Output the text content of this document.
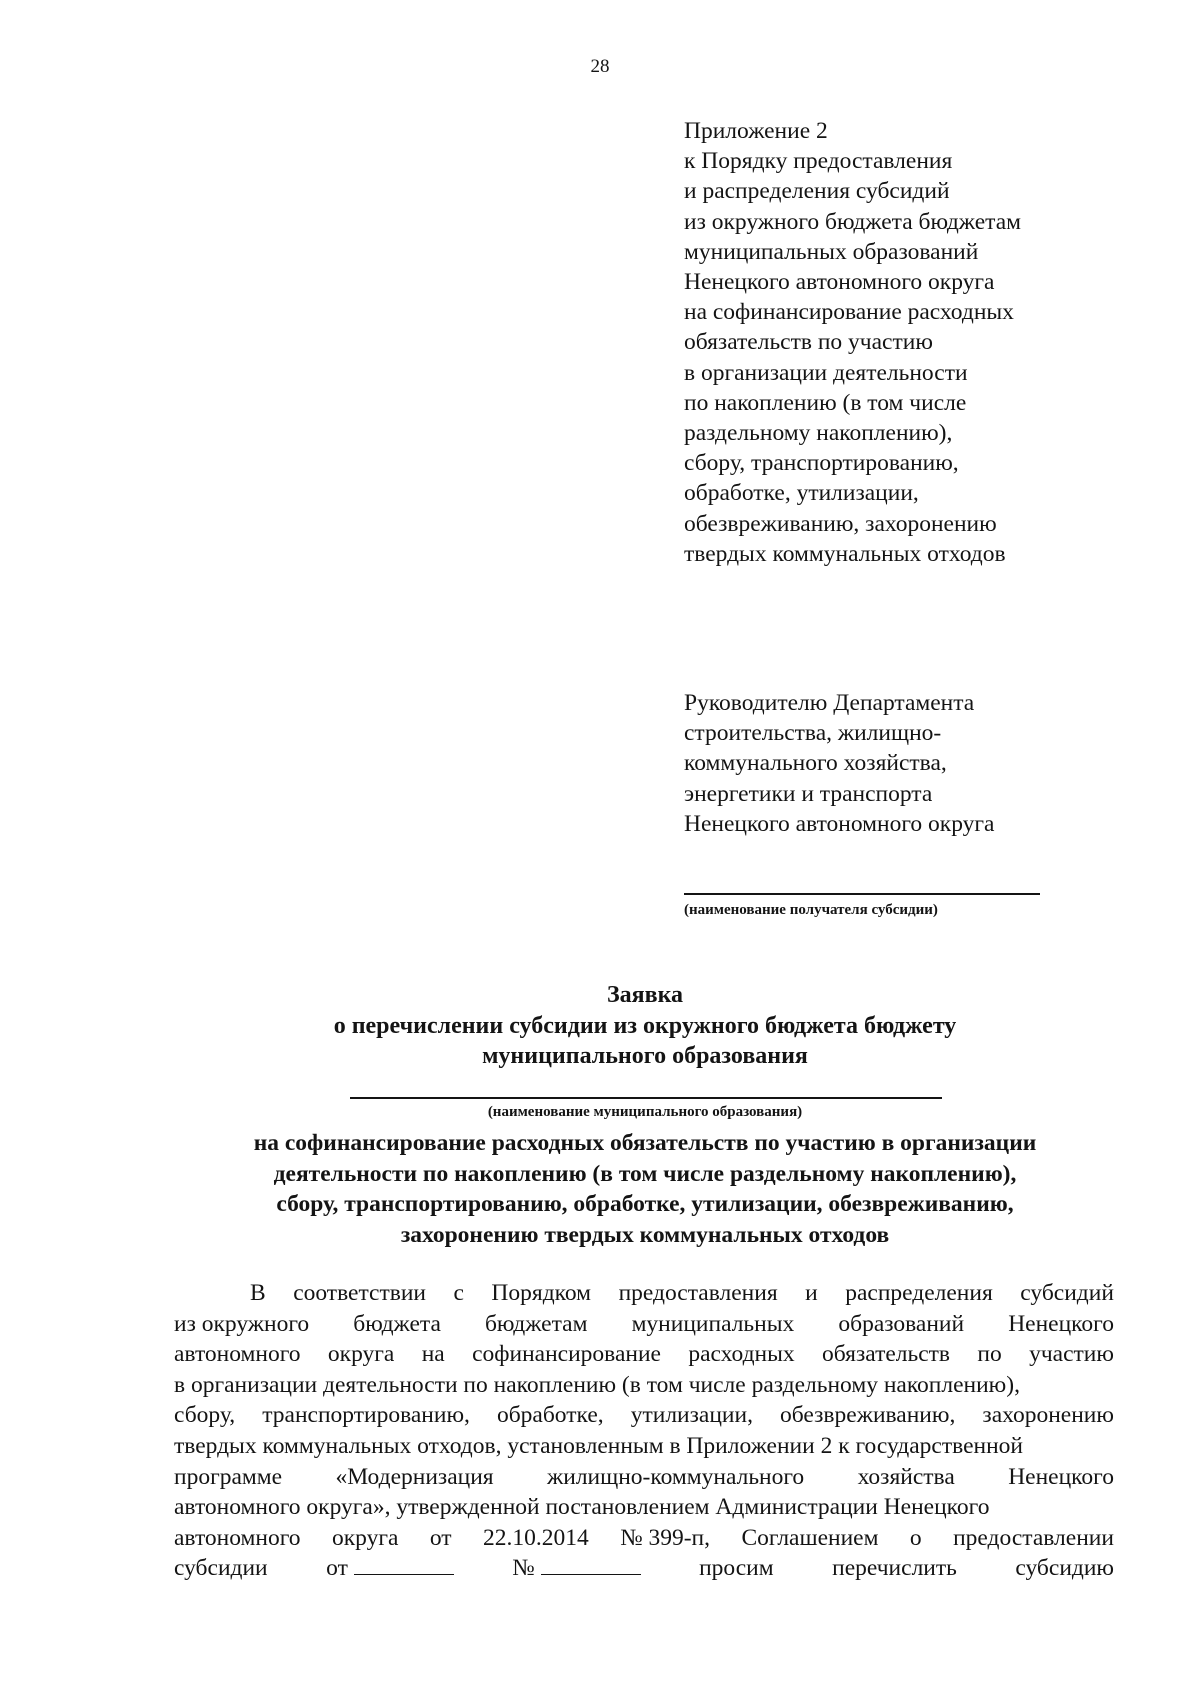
28
Приложение 2
к Порядку предоставления
и распределения субсидий
из окружного бюджета бюджетам
муниципальных образований
Ненецкого автономного округа
на софинансирование расходных
обязательств по участию
в организации деятельности
по накоплению (в том числе
раздельному накоплению),
сбору, транспортированию,
обработке, утилизации,
обезвреживанию, захоронению
твердых коммунальных отходов
Руководителю Департамента
строительства, жилищно-
коммунального хозяйства,
энергетики и транспорта
Ненецкого автономного округа
(наименование получателя субсидии)
Заявка
о перечислении субсидии из окружного бюджета бюджету
муниципального образования
(наименование муниципального образования)
на софинансирование расходных обязательств по участию в организации
деятельности по накоплению (в том числе раздельному накоплению),
сбору, транспортированию, обработке, утилизации, обезвреживанию,
захоронению твердых коммунальных отходов
В соответствии с Порядком предоставления и распределения субсидий
из окружного бюджета бюджетам муниципальных образований Ненецкого
автономного округа на софинансирование расходных обязательств по участию
в организации деятельности по накоплению (в том числе раздельному накоплению),
сбору, транспортированию, обработке, утилизации, обезвреживанию, захоронению
твердых коммунальных отходов, установленным в Приложении 2 к государственной
программе «Модернизация жилищно-коммунального хозяйства Ненецкого
автономного округа», утвержденной постановлением Администрации Ненецкого
автономного округа от 22.10.2014 № 399-п, Соглашением о предоставлении
субсидии от	№	просим перечислить субсидию
